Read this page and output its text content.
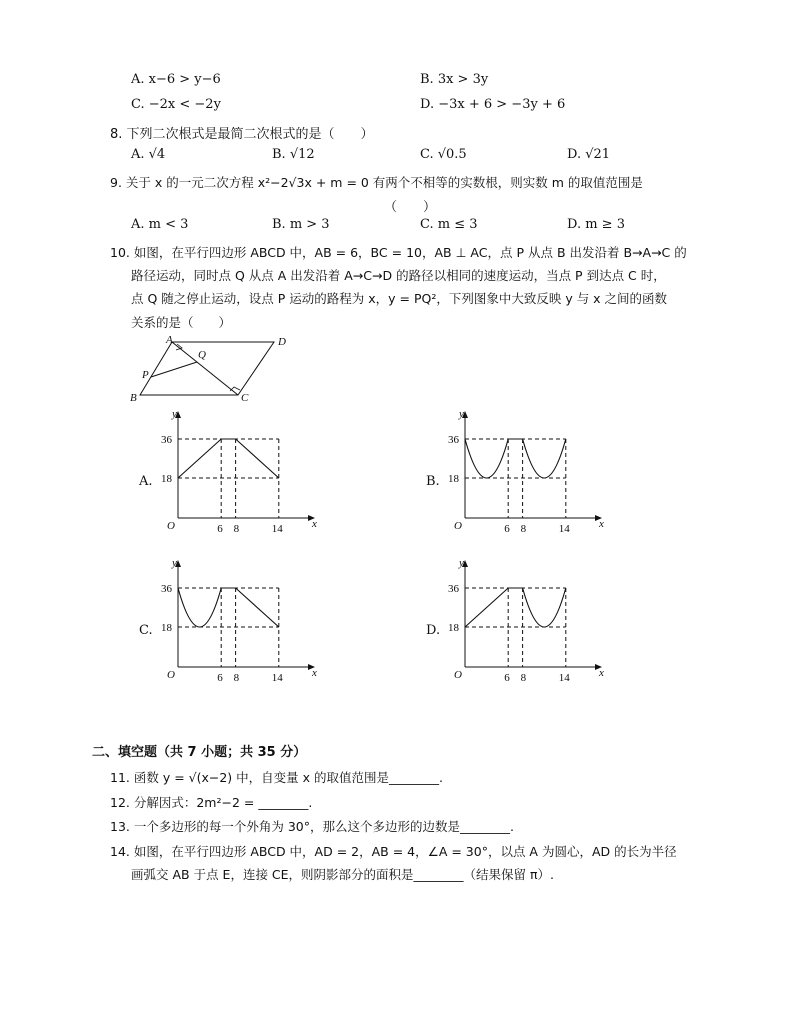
A. x−6 > y−6	B. 3x > 3y
C. −2x < −2y	D. −3x + 6 > −3y + 6
8. 下列二次根式是最简二次根式的是（　　）
A. √4	B. √12	C. √0.5	D. √21
9. 关于 x 的一元二次方程 x²−2√3x + m = 0 有两个不相等的实数根，则实数 m 的取值范围是
（　　）
A. m < 3	B. m > 3	C. m ≤ 3	D. m ≥ 3
10. 如图，在平行四边形 ABCD 中，AB = 6，BC = 10，AB ⊥ AC，点 P 从点 B 出发沿着 B→A→C 的
路径运动，同时点 Q 从点 A 出发沿着 A→C→D 的路径以相同的速度运动，当点 P 到达点 C 时，
点 Q 随之停止运动，设点 P 运动的路程为 x，y = PQ²，下列图象中大致反映 y 与 x 之间的函数
关系的是（　　）
A
Q
D
P
B	C
A.	B.
C.	D.
y
x
O
36
18
6 8	14
y
x
O
36
18
6 8	14
y
x
O
36
18
6 8	14
y
x
O
36
18
6 8	14
二、填空题（共 7 小题；共 35 分）
11. 函数 y = √(x−2) 中，自变量 x 的取值范围是________.
12. 分解因式：2m²−2 = ________.
13. 一个多边形的每一个外角为 30°，那么这个多边形的边数是________.
14. 如图，在平行四边形 ABCD 中，AD = 2，AB = 4，∠A = 30°，以点 A 为圆心，AD 的长为半径
画弧交 AB 于点 E，连接 CE，则阴影部分的面积是________（结果保留 π）.
